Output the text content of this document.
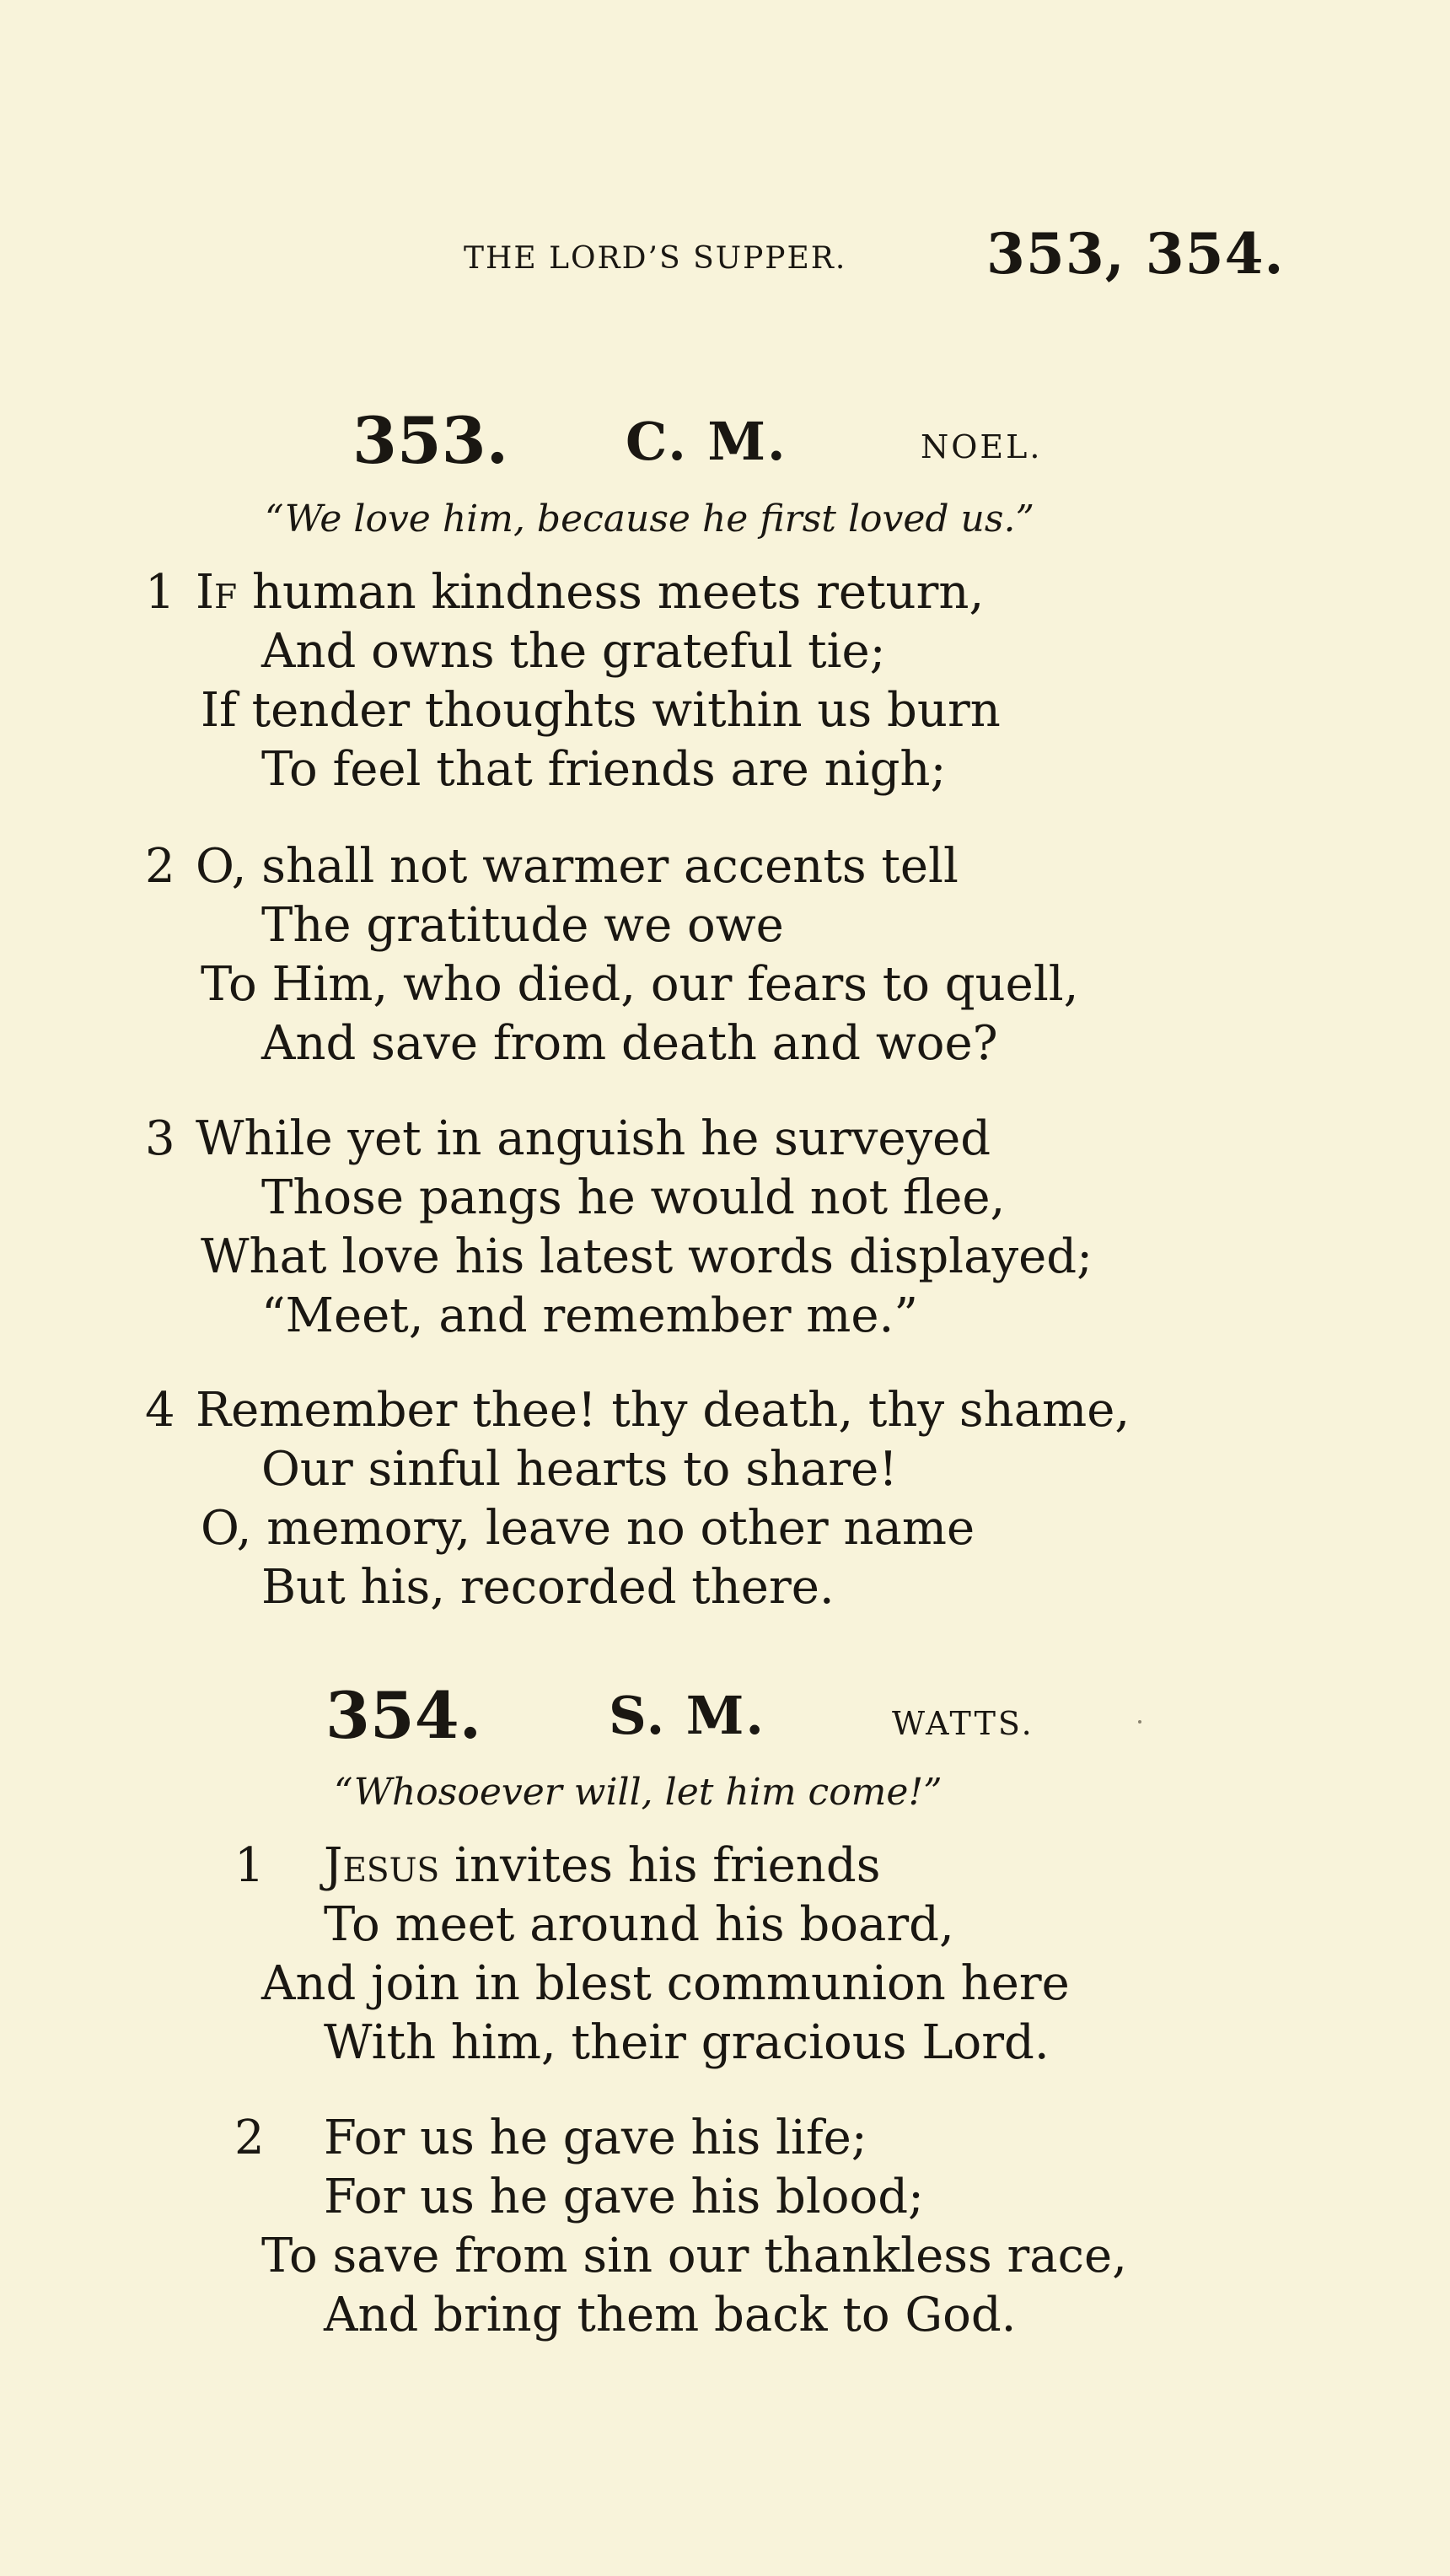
THE LORD’S SUPPER.	353, 354.
353. C. M.	NOEL.
“We love him, because he first loved us.”
1 If human kindness meets return,
And owns the grateful tie;
If tender thoughts within us burn
To feel that friends are nigh;
2 O, shall not warmer accents tell
The gratitude we owe
To Him, who died, our fears to quell,
And save from death and woe?
3 While yet in anguish he surveyed
Those pangs he would not flee,
What love his latest words displayed;
“Meet, and remember me.”
4 Remember thee! thy death, thy shame,
Our sinful hearts to share!
O, memory, leave no other name
But his, recorded there.
354. S. M.	WATTS.
“Whosoever will, let him come!”
1 Jesus invites his friends
To meet around his board,
And join in blest communion here
With him, their gracious Lord.
2 For us he gave his life;
For us he gave his blood;
To save from sin our thankless race,
And bring them back to God.
